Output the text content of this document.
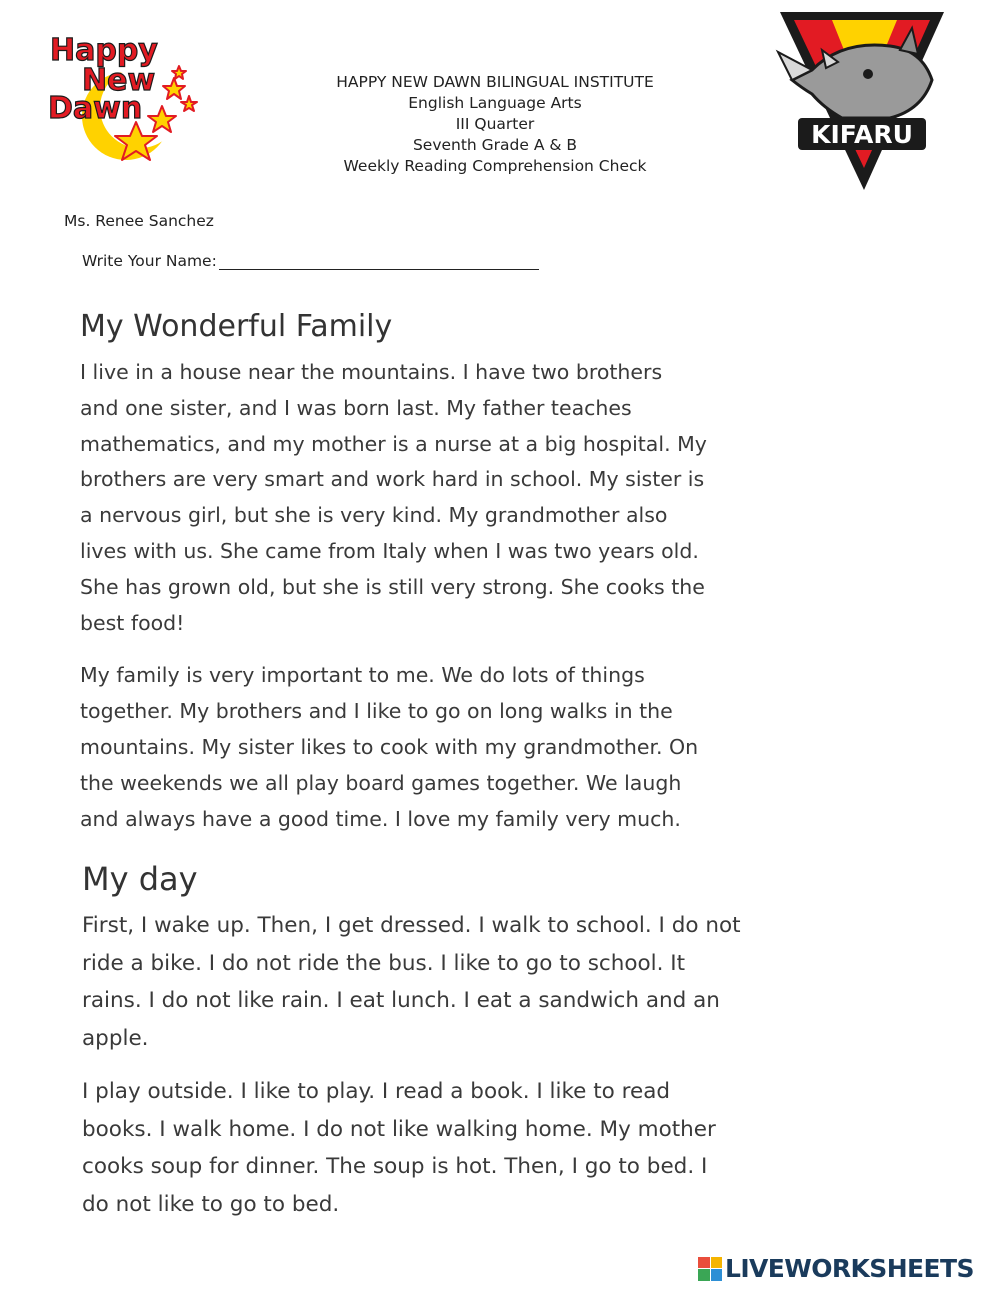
Happy
New
Dawn
KIFARU
HAPPY NEW DAWN BILINGUAL INSTITUTE
English Language Arts
III Quarter
Seventh Grade A & B
Weekly Reading Comprehension Check
Ms. Renee Sanchez
Write Your Name:
My Wonderful Family

I live in a house near the mountains. I have two brothers
and one sister, and I was born last. My father teaches
mathematics, and my mother is a nurse at a big hospital. My
brothers are very smart and work hard in school. My sister is
a nervous girl, but she is very kind. My grandmother also
lives with us. She came from Italy when I was two years old.
She has grown old, but she is still very strong. She cooks the
best food!

My family is very important to me. We do lots of things
together. My brothers and I like to go on long walks in the
mountains. My sister likes to cook with my grandmother. On
the weekends we all play board games together. We laugh
and always have a good time. I love my family very much.

My day

First, I wake up. Then, I get dressed. I walk to school. I do not
ride a bike. I do not ride the bus. I like to go to school. It
rains. I do not like rain. I eat lunch. I eat a sandwich and an
apple.

I play outside. I like to play. I read a book. I like to read
books. I walk home. I do not like walking home. My mother
cooks soup for dinner. The soup is hot. Then, I go to bed. I
do not like to go to bed.

LIVEWORKSHEETS
